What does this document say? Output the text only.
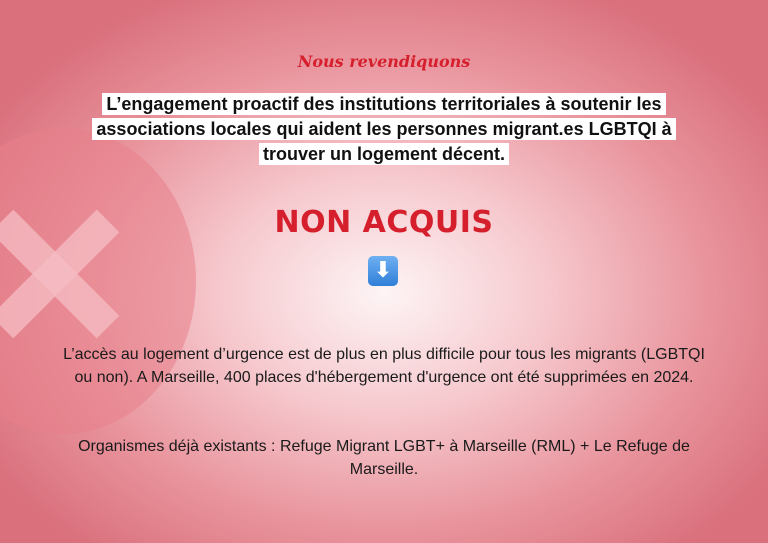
Nous revendiquons
L’engagement proactif des institutions territoriales à soutenir les associations locales qui aident les personnes migrant.es LGBTQI à trouver un logement décent.
NON ACQUIS
⬇
L’accès au logement d’urgence est de plus en plus difficile pour tous les migrants (LGBTQI ou non). A Marseille, 400 places d'hébergement d'urgence ont été supprimées en 2024.
Organismes déjà existants : Refuge Migrant LGBT+ à Marseille (RML) + Le Refuge de Marseille.
